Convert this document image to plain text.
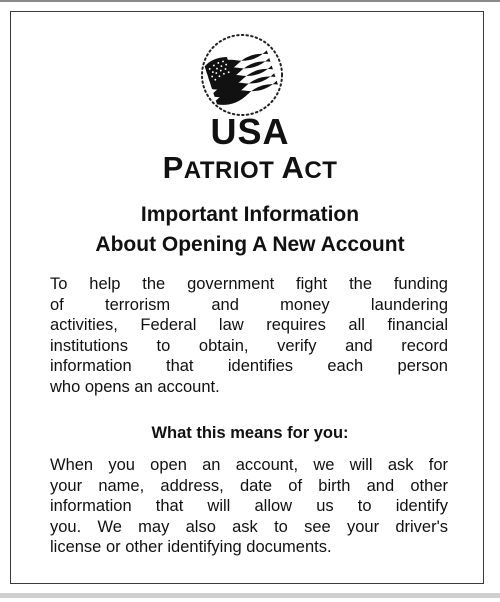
USA
PATRIOT ACT
Important Information
About Opening A New Account
To help the government fight the funding
of terrorism and money laundering
activities, Federal law requires all financial
institutions to obtain, verify and record
information that identifies each person
who opens an account.
What this means for you:
When you open an account, we will ask for
your name, address, date of birth and other
information that will allow us to identify
you. We may also ask to see your driver's
license or other identifying documents.
